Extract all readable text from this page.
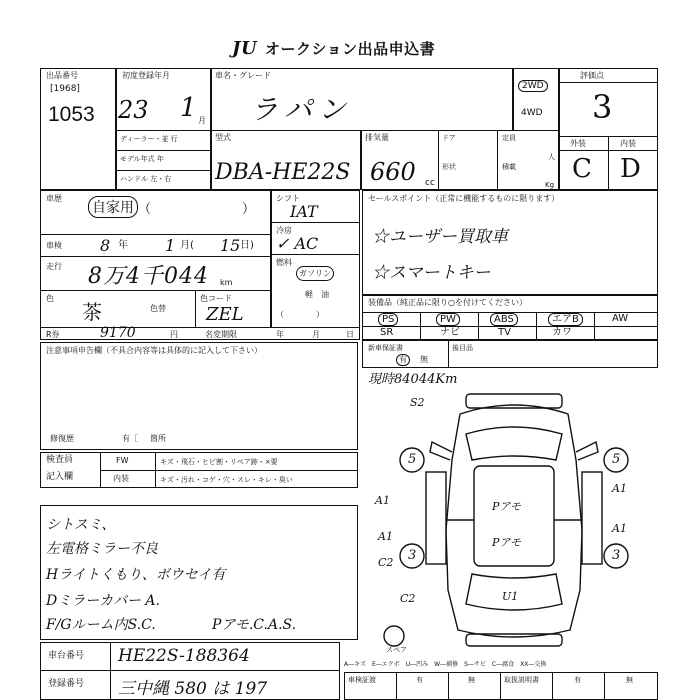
JU オークション出品申込書
出品番号
[1968]
1053
初度登録年月
23 1 月
車名・グレード
ラパン
2WD
4WD
評価点
3
外装	内装
C D
ディーラー・並 行
モデル年式 年
ハンドル 左・右
型式
DBA-HE22S
排気量
660 cc
ドア	定員
人
形状	積載
Kg
車歴
自家用 （　　　　　　　）
シフト
IAT
冷房
✓ AC
燃料
ガソリン
軽　油
（　　　　）
車検 8 年 1 月( 15 日)
走行 8万4千044 km
色
茶	色替
色コード
ZEL
R券	9170	円	名変期限	年	月	日
セールスポイント（正常に機能するものに限ります）
☆ユーザー買取車
☆スマートキー
装備品（純正品に限り○を付けてください）
PS	PW	ABS	エアB	AW
SR	ナビ	TV	カワ
注意事項申告欄（不具合内容等は具体的に記入して下さい）
修復歴	有［ 箇所
新車保証書
有	無
後目品
現時84044Km
検査員
記入欄
FW	キズ・飛石・ヒビ割・リペア跡・×要
内装	キズ・汚れ・コゲ・穴・スレ・キレ・臭い
シトスミ、
左電格ミラー不良
Hライトくもり、ボウセイ有
Dミラーカバー A.
F/Gルーム内S.C.	Pアモ.C.A.S.
S2
5	5
A1
A1
A1
A1
3	3
C2
C2
Pアモ
Pアモ
U1
スペア
車台番号 HE22S-188364
登録番号 三中縄 580 は 197
A―キズ　E―エクボ　U―凹み　W―補修　S―サビ　C―腐食　XX―交換
車検証渡	有	無	取扱説明書	有	無
